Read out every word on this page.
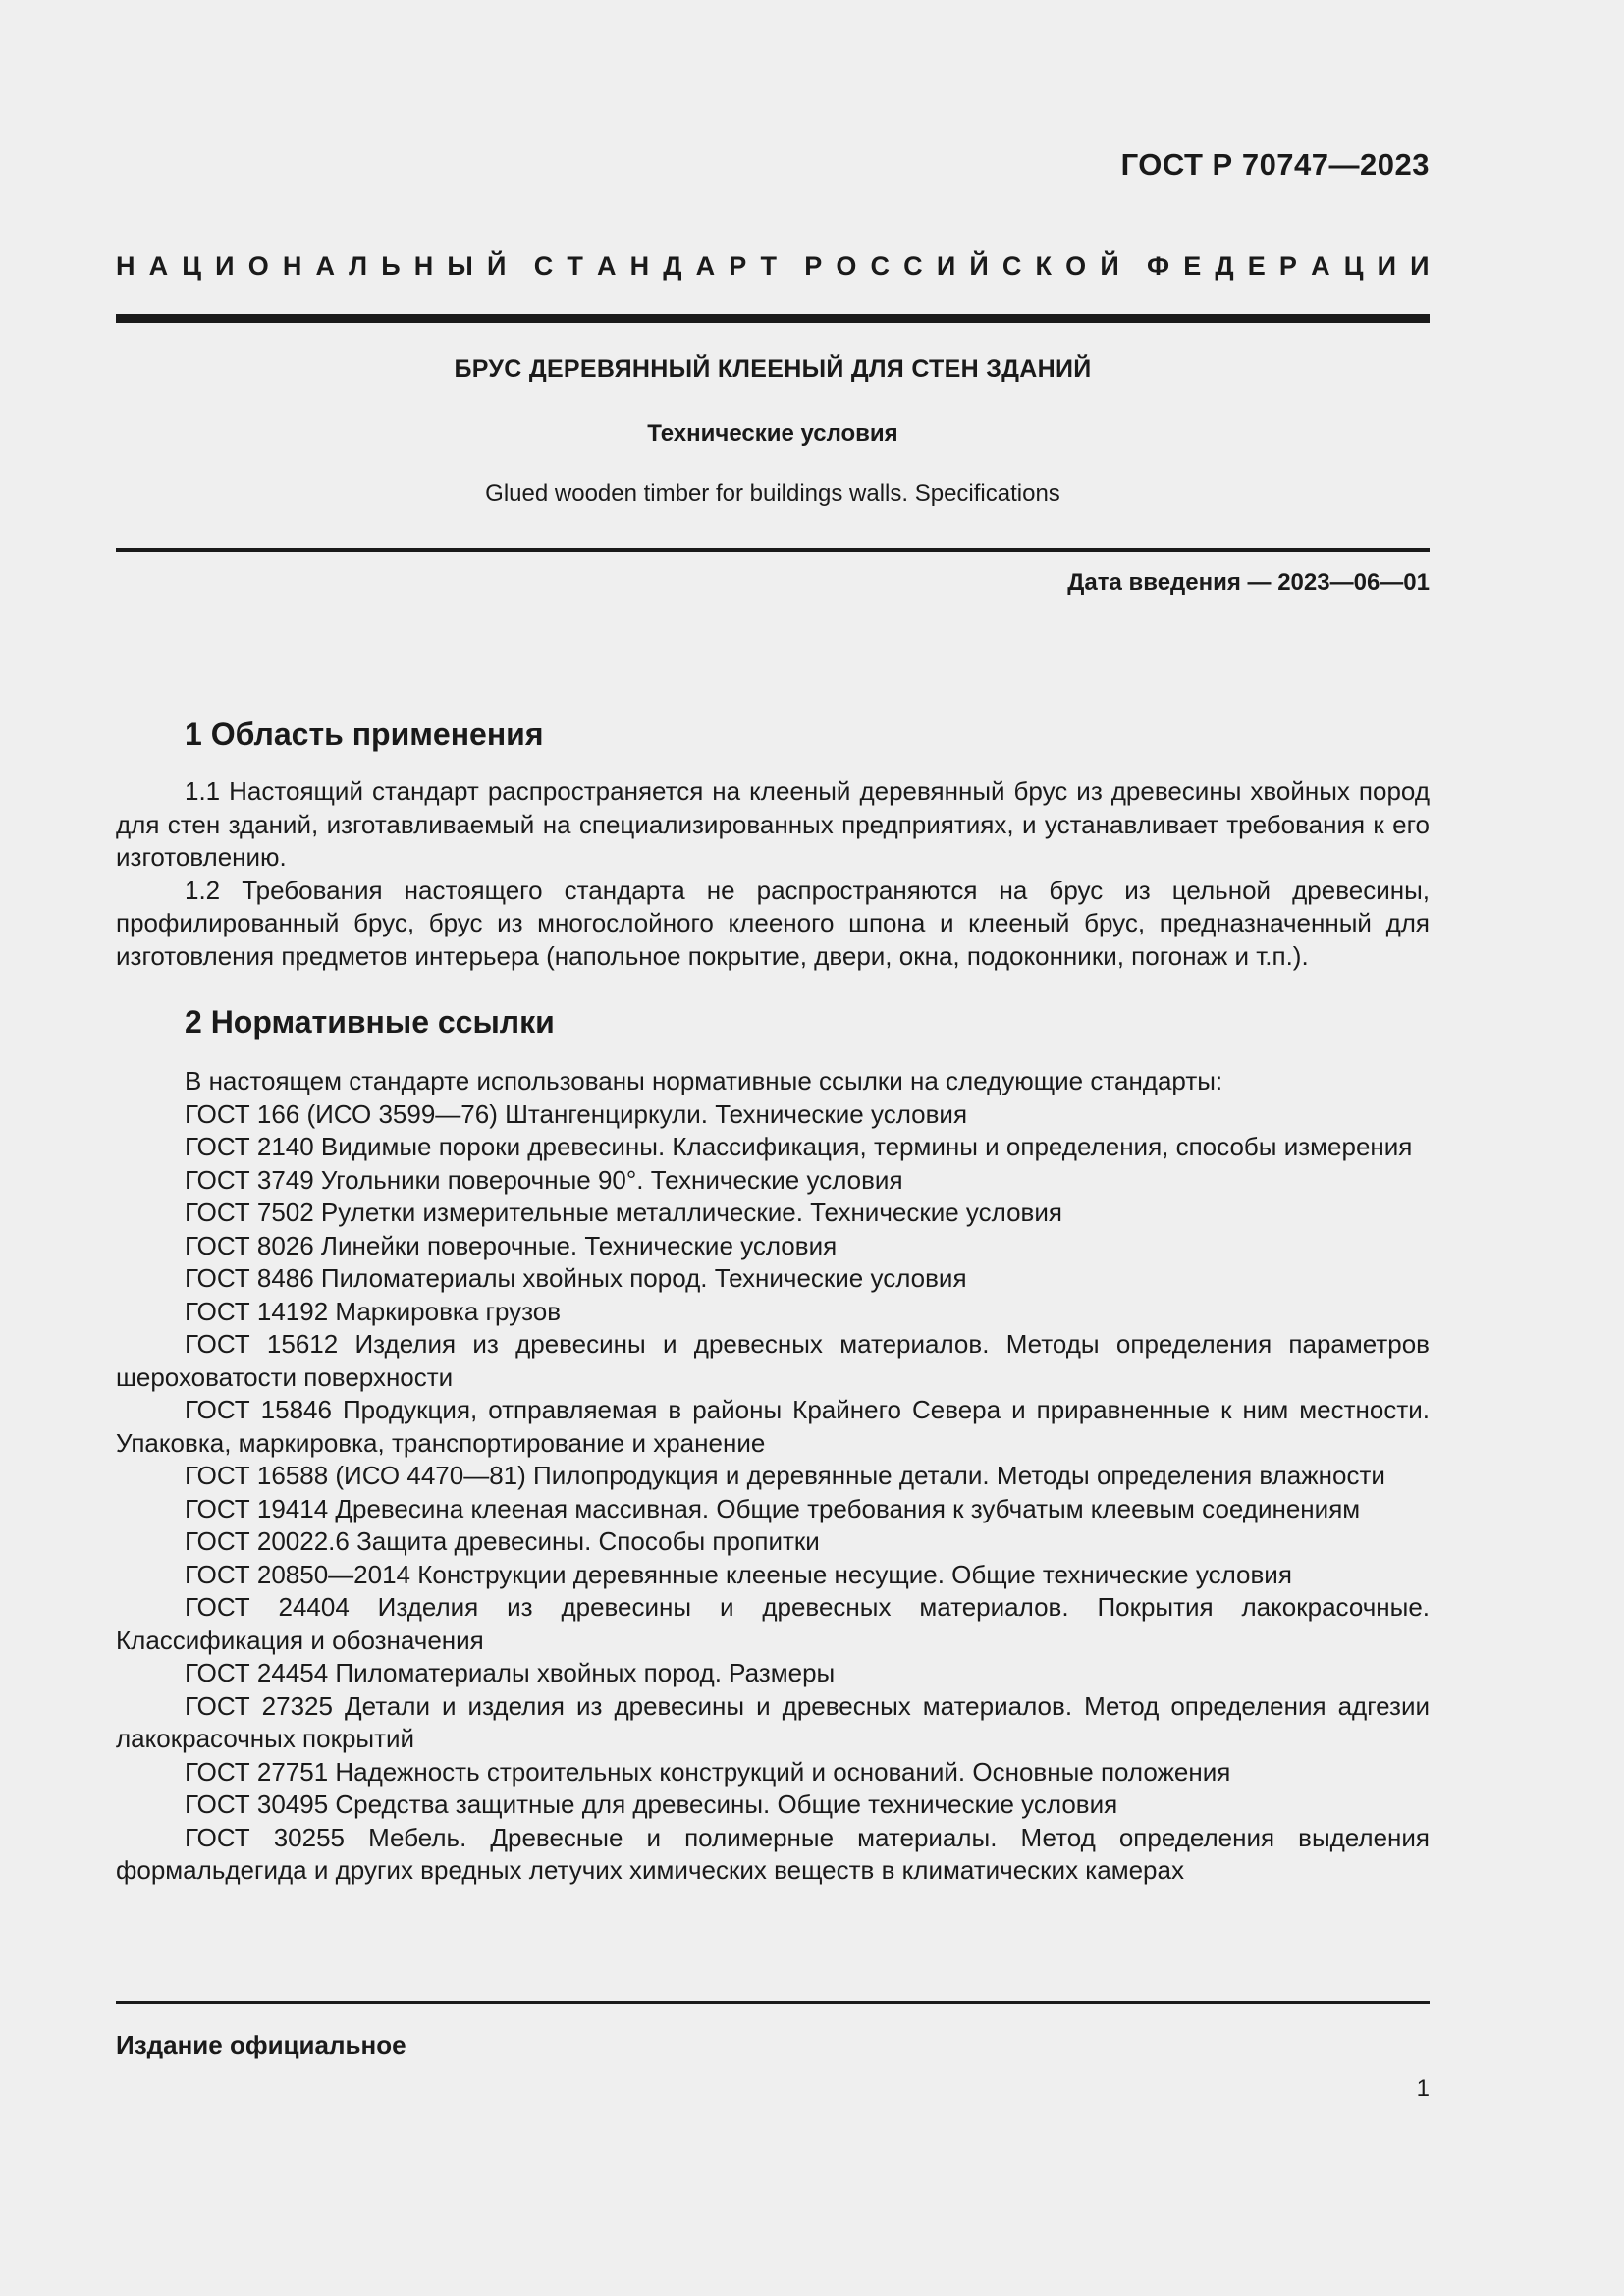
ГОСТ Р 70747—2023
Н А Ц И О Н А Л Ь Н Ы Й С Т А Н Д А Р Т Р О С С И Й С К О Й Ф Е Д Е Р А Ц И И
БРУС ДЕРЕВЯННЫЙ КЛЕЕНЫЙ ДЛЯ СТЕН ЗДАНИЙ
Технические условия
Glued wooden timber for buildings walls. Specifications
Дата введения — 2023—06—01
1 Область применения

1.1 Настоящий стандарт распространяется на клееный деревянный брус из древесины хвойных пород для стен зданий, изготавливаемый на специализированных предприятиях, и устанавливает требования к его изготовлению.

1.2 Требования настоящего стандарта не распространяются на брус из цельной древесины, профилированный брус, брус из многослойного клееного шпона и клееный брус, предназначенный для изготовления предметов интерьера (напольное покрытие, двери, окна, подоконники, погонаж и т.п.).

2 Нормативные ссылки

В настоящем стандарте использованы нормативные ссылки на следующие стандарты:

ГОСТ 166 (ИСО 3599—76) Штангенциркули. Технические условия

ГОСТ 2140 Видимые пороки древесины. Классификация, термины и определения, способы измерения

ГОСТ 3749 Угольники поверочные 90°. Технические условия

ГОСТ 7502 Рулетки измерительные металлические. Технические условия

ГОСТ 8026 Линейки поверочные. Технические условия

ГОСТ 8486 Пиломатериалы хвойных пород. Технические условия

ГОСТ 14192 Маркировка грузов

ГОСТ 15612 Изделия из древесины и древесных материалов. Методы определения параметров шероховатости поверхности

ГОСТ 15846 Продукция, отправляемая в районы Крайнего Севера и приравненные к ним местности. Упаковка, маркировка, транспортирование и хранение

ГОСТ 16588 (ИСО 4470—81) Пилопродукция и деревянные детали. Методы определения влажности

ГОСТ 19414 Древесина клееная массивная. Общие требования к зубчатым клеевым соединениям

ГОСТ 20022.6 Защита древесины. Способы пропитки

ГОСТ 20850—2014 Конструкции деревянные клееные несущие. Общие технические условия

ГОСТ 24404 Изделия из древесины и древесных материалов. Покрытия лакокрасочные. Классификация и обозначения

ГОСТ 24454 Пиломатериалы хвойных пород. Размеры

ГОСТ 27325 Детали и изделия из древесины и древесных материалов. Метод определения адгезии лакокрасочных покрытий

ГОСТ 27751 Надежность строительных конструкций и оснований. Основные положения

ГОСТ 30495 Средства защитные для древесины. Общие технические условия

ГОСТ 30255 Мебель. Древесные и полимерные материалы. Метод определения выделения формальдегида и других вредных летучих химических веществ в климатических камерах

Издание официальное
1
